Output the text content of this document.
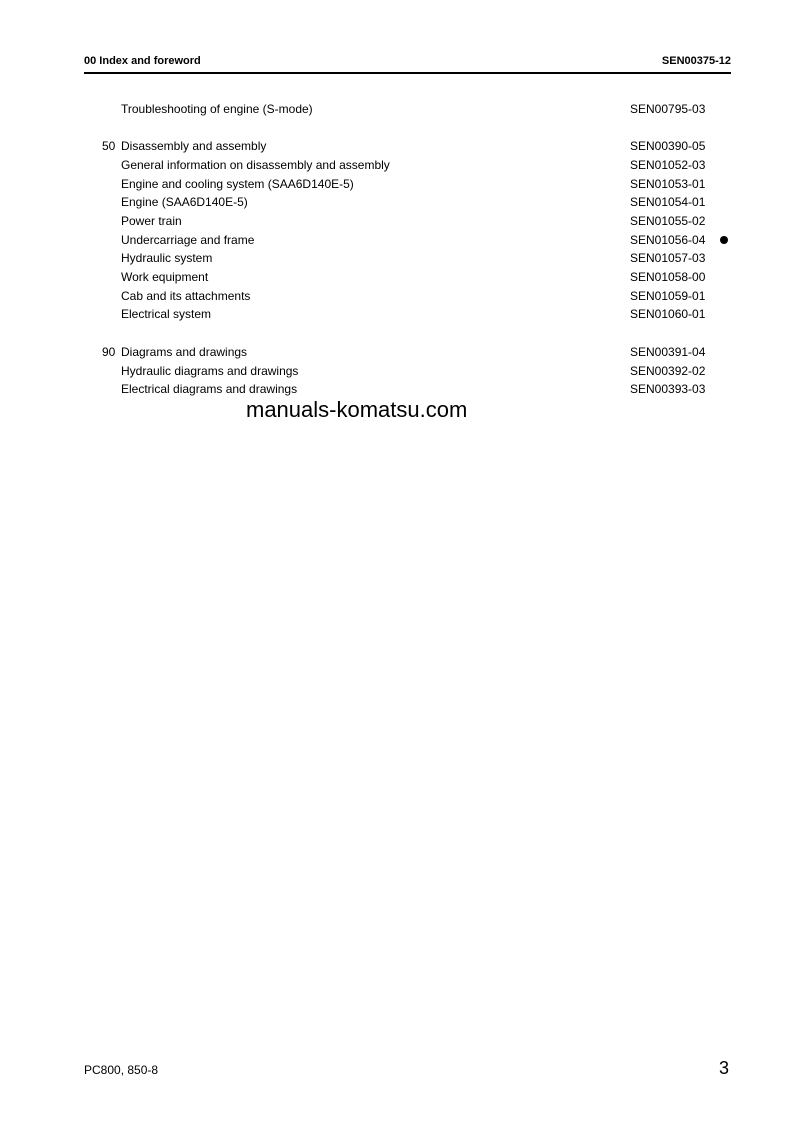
00 Index and foreword	SEN00375-12
Troubleshooting of engine (S-mode)	SEN00795-03
50 Disassembly and assembly	SEN00390-05
General information on disassembly and assembly	SEN01052-03
Engine and cooling system (SAA6D140E-5)	SEN01053-01
Engine (SAA6D140E-5)	SEN01054-01
Power train	SEN01055-02
Undercarriage and frame	SEN01056-04
Hydraulic system	SEN01057-03
Work equipment	SEN01058-00
Cab and its attachments	SEN01059-01
Electrical system	SEN01060-01
90 Diagrams and drawings	SEN00391-04
Hydraulic diagrams and drawings	SEN00392-02
Electrical diagrams and drawings	SEN00393-03
manuals-komatsu.com
PC800, 850-8	3
